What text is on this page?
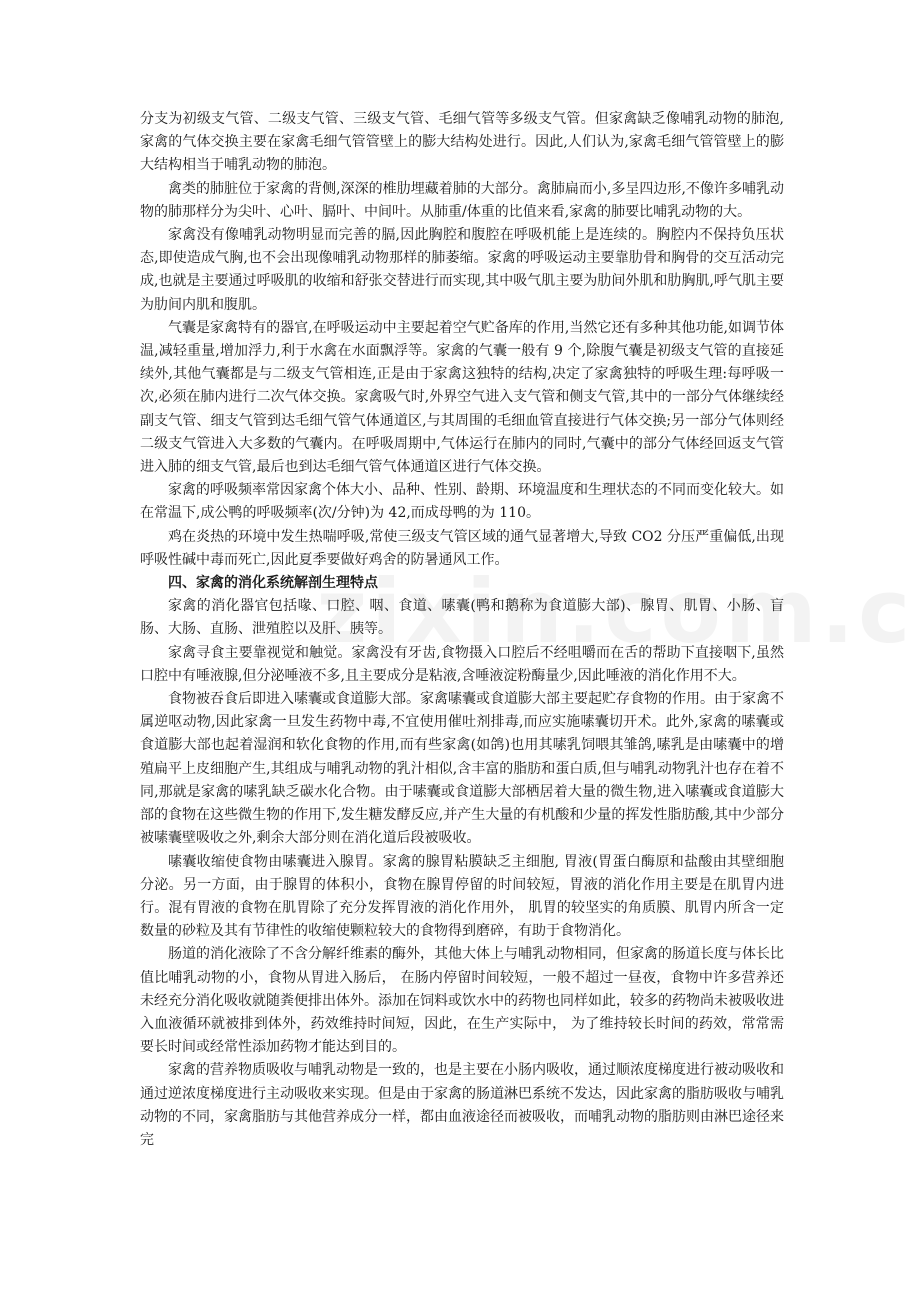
分支为初级支气管、二级支气管、三级支气管、毛细气管等多级支气管。但家禽缺乏像哺乳动物的肺泡,家禽的气体交换主要在家禽毛细气管管壁上的膨大结构处进行。因此,人们认为,家禽毛细气管管壁上的膨大结构相当于哺乳动物的肺泡。

禽类的肺脏位于家禽的背侧,深深的椎肋埋藏着肺的大部分。禽肺扁而小,多呈四边形,不像许多哺乳动物的肺那样分为尖叶、心叶、膈叶、中间叶。从肺重/体重的比值来看,家禽的肺要比哺乳动物的大。

家禽没有像哺乳动物明显而完善的膈,因此胸腔和腹腔在呼吸机能上是连续的。胸腔内不保持负压状态,即使造成气胸,也不会出现像哺乳动物那样的肺萎缩。家禽的呼吸运动主要靠肋骨和胸骨的交互活动完成,也就是主要通过呼吸肌的收缩和舒张交替进行而实现,其中吸气肌主要为肋间外肌和肋胸肌,呼气肌主要为肋间内肌和腹肌。

气囊是家禽特有的器官,在呼吸运动中主要起着空气贮备库的作用,当然它还有多种其他功能,如调节体温,减轻重量,增加浮力,利于水禽在水面飘浮等。家禽的气囊一般有 9 个,除腹气囊是初级支气管的直接延续外,其他气囊都是与二级支气管相连,正是由于家禽这独特的结构,决定了家禽独特的呼吸生理:每呼吸一次,必须在肺内进行二次气体交换。家禽吸气时,外界空气进入支气管和侧支气管,其中的一部分气体继续经副支气管、细支气管到达毛细气管气体通道区,与其周围的毛细血管直接进行气体交换;另一部分气体则经二级支气管进入大多数的气囊内。在呼吸周期中,气体运行在肺内的同时,气囊中的部分气体经回返支气管进入肺的细支气管,最后也到达毛细气管气体通道区进行气体交换。

家禽的呼吸频率常因家禽个体大小、品种、性别、龄期、环境温度和生理状态的不同而变化较大。如在常温下,成公鸭的呼吸频率(次/分钟)为 42,而成母鸭的为 110。

鸡在炎热的环境中发生热喘呼吸,常使三级支气管区域的通气显著增大,导致 CO2 分压严重偏低,出现呼吸性碱中毒而死亡,因此夏季要做好鸡舍的防暑通风工作。

四、家禽的消化系统解剖生理特点

家禽的消化器官包括喙、口腔、咽、食道、嗉囊(鸭和鹅称为食道膨大部)、腺胃、肌胃、小肠、盲肠、大肠、直肠、泄殖腔以及肝、胰等。

家禽寻食主要靠视觉和触觉。家禽没有牙齿,食物摄入口腔后不经咀嚼而在舌的帮助下直接咽下,虽然口腔中有唾液腺,但分泌唾液不多,且主要成分是粘液,含唾液淀粉酶量少,因此唾液的消化作用不大。

食物被吞食后即进入嗉囊或食道膨大部。家禽嗉囊或食道膨大部主要起贮存食物的作用。由于家禽不属逆呕动物,因此家禽一旦发生药物中毒,不宜使用催吐剂排毒,而应实施嗉囊切开术。此外,家禽的嗉囊或食道膨大部也起着湿润和软化食物的作用,而有些家禽(如鸽)也用其嗉乳饲喂其雏鸽,嗉乳是由嗉囊中的增殖扁平上皮细胞产生,其组成与哺乳动物的乳汁相似,含丰富的脂肪和蛋白质,但与哺乳动物乳汁也存在着不同,那就是家禽的嗉乳缺乏碳水化合物。由于嗉囊或食道膨大部栖居着大量的微生物,进入嗉囊或食道膨大部的食物在这些微生物的作用下,发生糖发酵反应,并产生大量的有机酸和少量的挥发性脂肪酸,其中少部分被嗉囊壁吸收之外,剩余大部分则在消化道后段被吸收。

嗉囊收缩使食物由嗉囊进入腺胃。家禽的腺胃粘膜缺乏主细胞, 胃液(胃蛋白酶原和盐酸由其壁细胞分泌。另一方面，由于腺胃的体积小，食物在腺胃停留的时间较短，胃液的消化作用主要是在肌胃内进行。混有胃液的食物在肌胃除了充分发挥胃液的消化作用外， 肌胃的较坚实的角质膜、肌胃内所含一定数量的砂粒及其有节律性的收缩使颗粒较大的食物得到磨碎，有助于食物消化。

肠道的消化液除了不含分解纤维素的酶外，其他大体上与哺乳动物相同，但家禽的肠道长度与体长比值比哺乳动物的小，食物从胃进入肠后， 在肠内停留时间较短，一般不超过一昼夜，食物中许多营养还未经充分消化吸收就随粪便排出体外。添加在饲料或饮水中的药物也同样如此，较多的药物尚未被吸收进入血液循环就被排到体外，药效维持时间短，因此，在生产实际中， 为了维持较长时间的药效，常常需要长时间或经常性添加药物才能达到目的。

家禽的营养物质吸收与哺乳动物是一致的，也是主要在小肠内吸收，通过顺浓度梯度进行被动吸收和通过逆浓度梯度进行主动吸收来实现。但是由于家禽的肠道淋巴系统不发达，因此家禽的脂肪吸收与哺乳动物的不同，家禽脂肪与其他营养成分一样，都由血液途径而被吸收，而哺乳动物的脂肪则由淋巴途径来完
